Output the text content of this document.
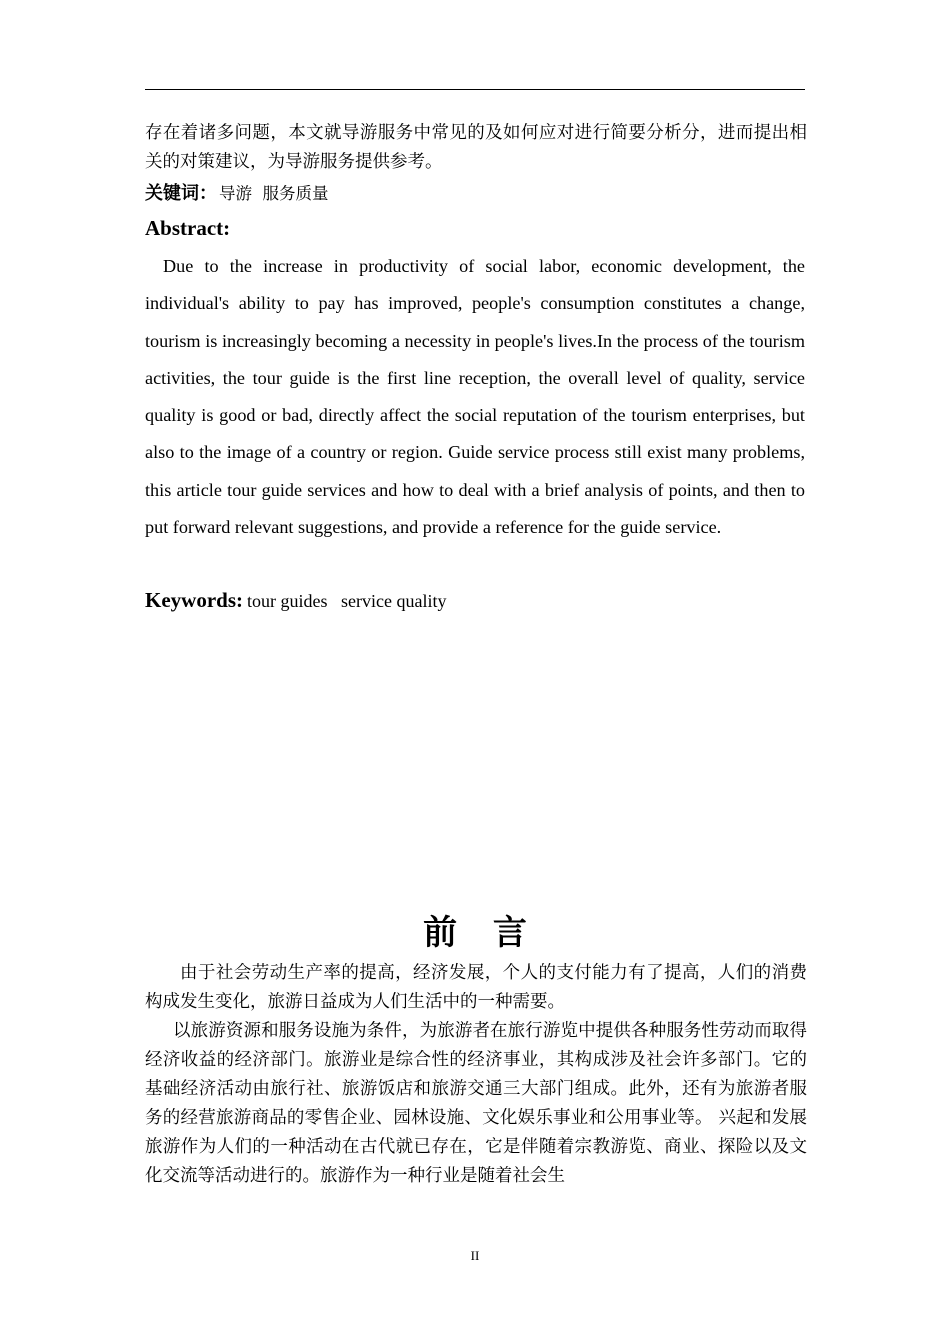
存在着诸多问题，本文就导游服务中常见的及如何应对进行简要分析分，进而提出相关的对策建议，为导游服务提供参考。

关键词： 导游  服务质量
Abstract:

Due to the increase in productivity of social labor, economic development, the individual's ability to pay has improved, people's consumption constitutes a change, tourism is increasingly becoming a necessity in people's lives.In the process of the tourism activities, the tour guide is the first line reception, the overall level of quality, service quality is good or bad, directly affect the social reputation of the tourism enterprises, but also to the image of a country or region. Guide service process still exist many problems, this article tour guide services and how to deal with a brief analysis of points, and then to put forward relevant suggestions, and provide a reference for the guide service.

Keywords: tour guides   service quality
前 言

由于社会劳动生产率的提高，经济发展，个人的支付能力有了提高，人们的消费构成发生变化，旅游日益成为人们生活中的一种需要。

以旅游资源和服务设施为条件，为旅游者在旅行游览中提供各种服务性劳动而取得经济收益的经济部门。旅游业是综合性的经济事业，其构成涉及社会许多部门。它的基础经济活动由旅行社、旅游饭店和旅游交通三大部门组成。此外，还有为旅游者服务的经营旅游商品的零售企业、园林设施、文化娱乐事业和公用事业等。 兴起和发展 旅游作为人们的一种活动在古代就已存在，它是伴随着宗教游览、商业、探险以及文化交流等活动进行的。旅游作为一种行业是随着社会生

II
